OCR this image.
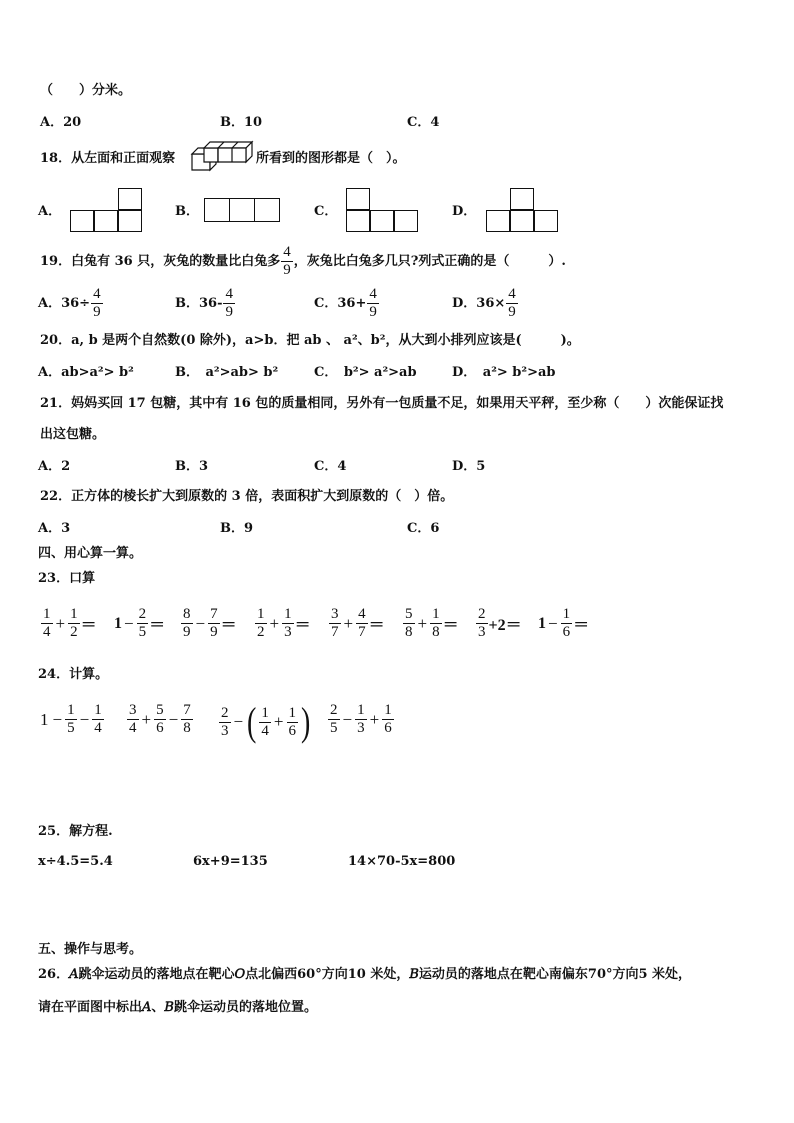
（　　）分米。
A．20	B．10	C．4
18．从左面和正面观察	所看到的图形都是（　）。
A．	B．	C．	D．
19．白兔有 36 只，灰兔的数量比白兔多
4
9
，灰兔比白兔多几只?列式正确的是（　　　）.
A．$36\div \frac{4}{9}$	B．36-
4
9
C．$36+ \frac{4}{9}$	D．$36\times \frac{4}{9}$
20．a, b 是两个自然数(0 除外)，a>b．把 ab 、 a²、b²，从大到小排列应该是(　　　)。
A．ab>a²> b²	B．　a²>ab> b²	C．　b²> a²>ab	D．　a²> b²>ab
21．妈妈买回 17 包糖，其中有 16 包的质量相同，另外有一包质量不足，如果用天平秤，至少称（　　）次能保证找
出这包糖。
A．2	B．3	C．4	D．5
22．正方体的棱长扩大到原数的 3 倍，表面积扩大到原数的（　）倍。
A．3	B．9	C．6
四、用心算一算。
23．口算
1
$4 + \frac{1}{2} = 1 - \frac{2}{5}$ ＝
8
$9 - \frac{7}{9}$ ＝
1
$2 + \frac{1}{3}$ ＝
3
$7 + \frac{4}{7}$ ＝
5
$8 + \frac{1}{8}$ ＝
2
$3 +2= 1 - \frac{1}{6}$ ＝
24．计算。
$1 - \frac{1}{5} - \frac{1}{4} 3$
$4 + \frac{5}{6} - \frac{7}{8} 2$
3 − ( 1
$4 + \frac{1}{6}$ ) 2
$5 - \frac{1}{3} + \frac{1}{6}$
25．解方程.
x÷4.5=5.4	6x+9=135	14×70-5x=800
五、操作与思考。
26．𝐴跳伞运动员的落地点在靶心𝑂点北偏西60°方向10 米处，𝐵运动员的落地点在靶心南偏东70°方向5 米处，
请在平面图中标出𝐴、𝐵跳伞运动员的落地位置。
